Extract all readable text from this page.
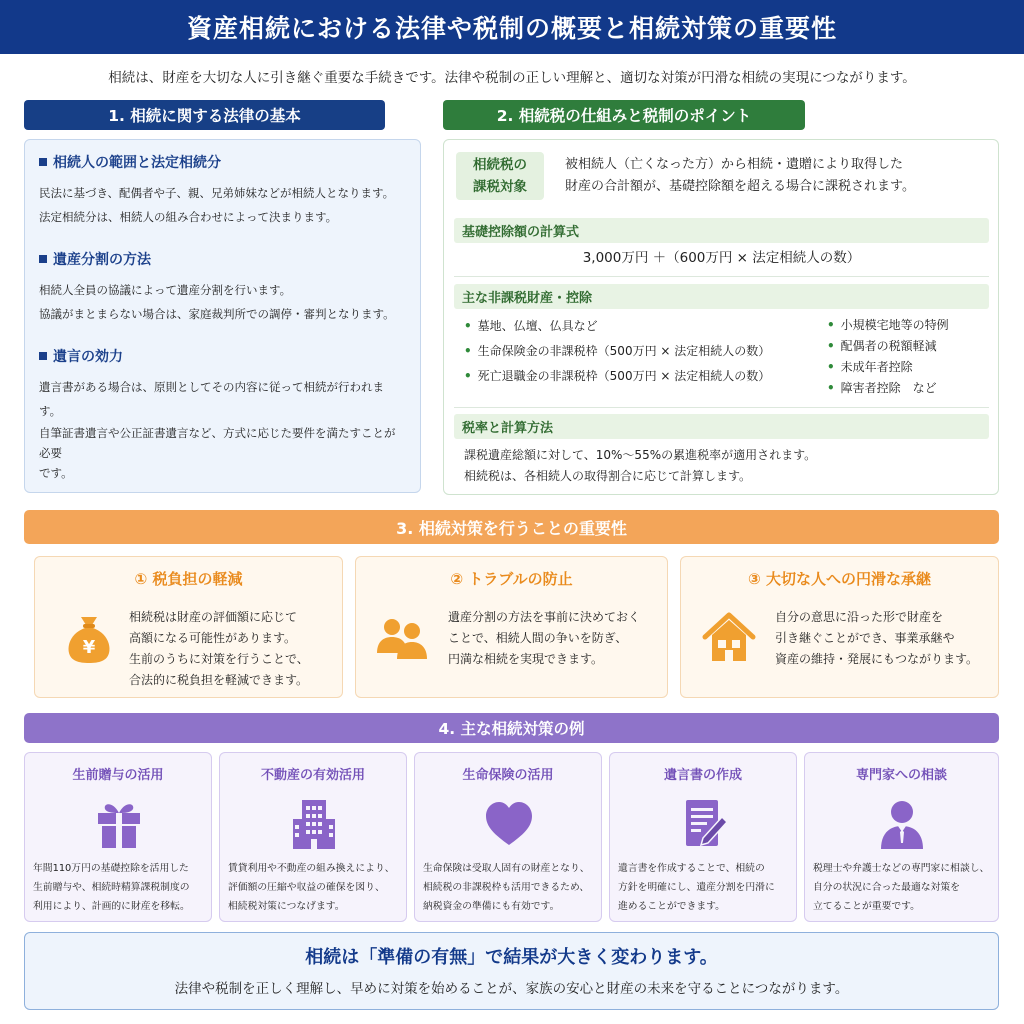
資産相続における法律や税制の概要と相続対策の重要性
相続は、財産を大切な人に引き継ぐ重要な手続きです。法律や税制の正しい理解と、適切な対策が円滑な相続の実現につながります。
1. 相続に関する法律の基本
相続人の範囲と法定相続分
民法に基づき、配偶者や子、親、兄弟姉妹などが相続人となります。
法定相続分は、相続人の組み合わせによって決まります。
遺産分割の方法
相続人全員の協議によって遺産分割を行います。
協議がまとまらない場合は、家庭裁判所での調停・審判となります。
遺言の効力
遺言書がある場合は、原則としてその内容に従って相続が行われます。
自筆証書遺言や公正証書遺言など、方式に応じた要件を満たすことが必要
です。
2. 相続税の仕組みと税制のポイント
相続税の
課税対象
被相続人（亡くなった方）から相続・遺贈により取得した
財産の合計額が、基礎控除額を超える場合に課税されます。
基礎控除額の計算式
3,000万円 ＋（600万円 × 法定相続人の数）
主な非課税財産・控除
• 墓地、仏壇、仏具など
• 生命保険金の非課税枠（500万円 × 法定相続人の数）
• 死亡退職金の非課税枠（500万円 × 法定相続人の数）
• 小規模宅地等の特例
• 配偶者の税額軽減
• 未成年者控除
• 障害者控除　など
税率と計算方法
課税遺産総額に対して、10%〜55%の累進税率が適用されます。
相続税は、各相続人の取得割合に応じて計算します。
3. 相続対策を行うことの重要性
① 税負担の軽減
¥
相続税は財産の評価額に応じて
高額になる可能性があります。
生前のうちに対策を行うことで、
合法的に税負担を軽減できます。
② トラブルの防止
遺産分割の方法を事前に決めておく
ことで、相続人間の争いを防ぎ、
円満な相続を実現できます。
③ 大切な人への円滑な承継
自分の意思に沿った形で財産を
引き継ぐことができ、事業承継や
資産の維持・発展にもつながります。
4. 主な相続対策の例
生前贈与の活用
年間110万円の基礎控除を活用した
生前贈与や、相続時精算課税制度の
利用により、計画的に財産を移転。
不動産の有効活用
賃貸利用や不動産の組み換えにより、
評価額の圧縮や収益の確保を図り、
相続税対策につなげます。
生命保険の活用
生命保険は受取人固有の財産となり、
相続税の非課税枠も活用できるため、
納税資金の準備にも有効です。
遺言書の作成
遺言書を作成することで、相続の
方針を明確にし、遺産分割を円滑に
進めることができます。
専門家への相談
税理士や弁護士などの専門家に相談し、
自分の状況に合った最適な対策を
立てることが重要です。
相続は「準備の有無」で結果が大きく変わります。
法律や税制を正しく理解し、早めに対策を始めることが、家族の安心と財産の未来を守ることにつながります。
